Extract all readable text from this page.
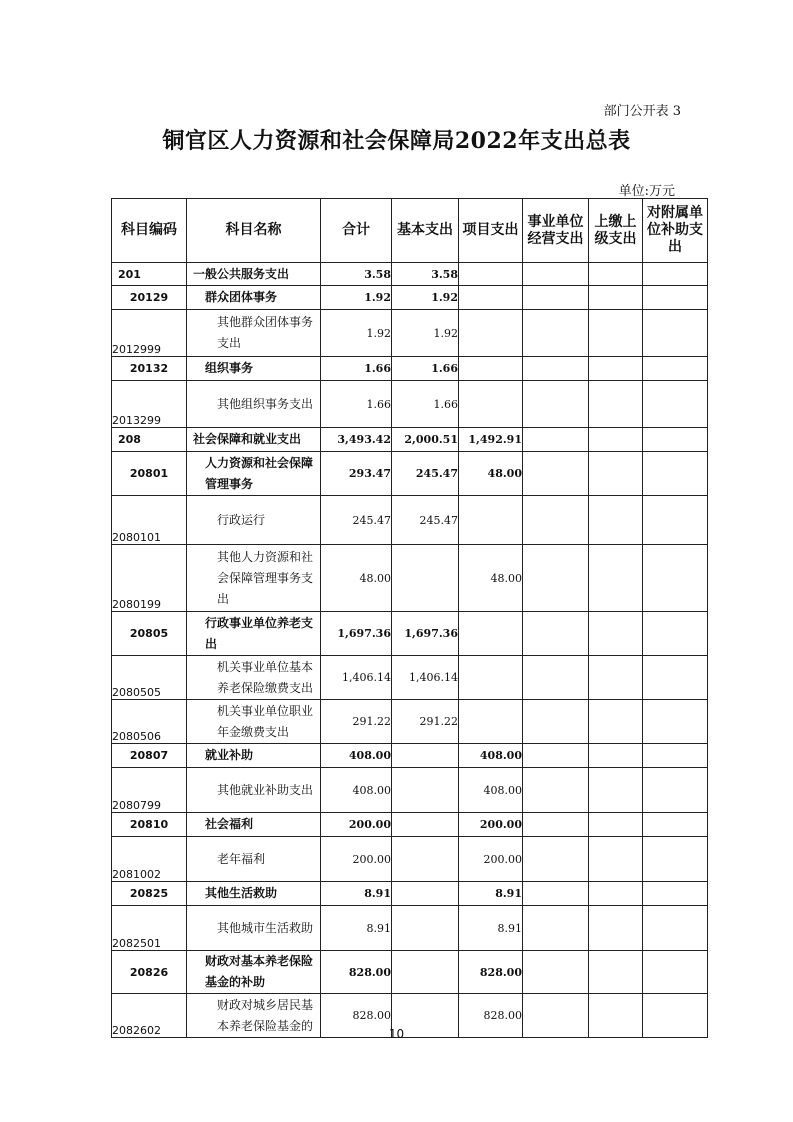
部门公开表 3
铜官区人力资源和社会保障局2022年支出总表
单位:万元
科目编码	科目名称	合计	基本支出	项目支出	事业单位经营支出	上缴上级支出	对附属单位补助支出
201	一般公共服务支出	3.58	3.58				
20129	群众团体事务	1.92	1.92				
2012999	其他群众团体事务支出	1.92	1.92				
20132	组织事务	1.66	1.66				
2013299	其他组织事务支出	1.66	1.66				
208	社会保障和就业支出	3,493.42	2,000.51	1,492.91			
20801	人力资源和社会保障管理事务	293.47	245.47	48.00			
2080101	行政运行	245.47	245.47				
2080199	其他人力资源和社会保障管理事务支出	48.00		48.00			
20805	行政事业单位养老支出	1,697.36	1,697.36				
2080505	机关事业单位基本养老保险缴费支出	1,406.14	1,406.14				
2080506	机关事业单位职业年金缴费支出	291.22	291.22				
20807	就业补助	408.00		408.00			
2080799	其他就业补助支出	408.00		408.00			
20810	社会福利	200.00		200.00			
2081002	老年福利	200.00		200.00			
20825	其他生活救助	8.91		8.91			
2082501	其他城市生活救助	8.91		8.91			
20826	财政对基本养老保险基金的补助	828.00		828.00			
2082602	财政对城乡居民基本养老保险基金的	828.00		828.00			
10
